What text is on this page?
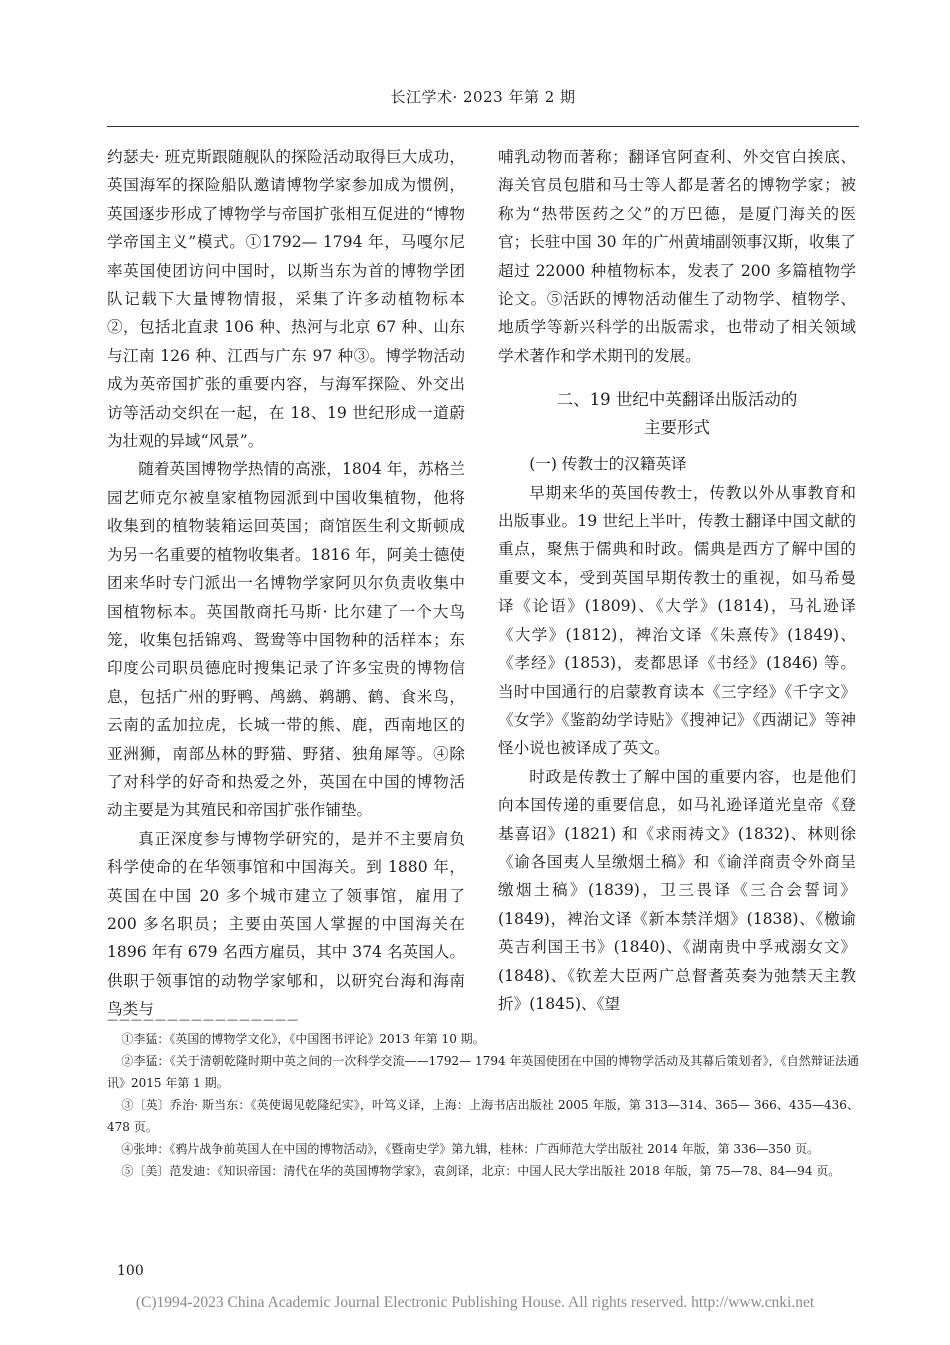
长江学术· 2023 年第 2 期

约瑟夫· 班克斯跟随舰队的探险活动取得巨大成功，英国海军的探险船队邀请博物学家参加成为惯例，英国逐步形成了博物学与帝国扩张相互促进的“博物学帝国主义”模式。①1792— 1794 年，马嘎尔尼率英国使团访问中国时，以斯当东为首的博物学团队记载下大量博物情报，采集了许多动植物标本②，包括北直隶 106 种、热河与北京 67 种、山东与江南 126 种、江西与广东 97 种③。博学物活动成为英帝国扩张的重要内容，与海军探险、外交出访等活动交织在一起，在 18、19 世纪形成一道蔚为壮观的异域“风景”。

随着英国博物学热情的高涨，1804 年，苏格兰园艺师克尔被皇家植物园派到中国收集植物，他将收集到的植物装箱运回英国；商馆医生利文斯顿成为另一名重要的植物收集者。1816 年，阿美士德使团来华时专门派出一名博物学家阿贝尔负责收集中国植物标本。英国散商托马斯· 比尔建了一个大鸟笼，收集包括锦鸡、鸳鸯等中国物种的活样本；东印度公司职员德庇时搜集记录了许多宝贵的博物信息，包括广州的野鸭、鸬鹚、鹈鹕、鹤、食米鸟，云南的孟加拉虎，长城一带的熊、鹿，西南地区的亚洲狮，南部丛林的野猫、野猪、独角犀等。④除了对科学的好奇和热爱之外，英国在中国的博物活动主要是为其殖民和帝国扩张作铺垫。

真正深度参与博物学研究的，是并不主要肩负科学使命的在华领事馆和中国海关。到 1880 年，英国在中国 20 多个城市建立了领事馆，雇用了 200 多名职员；主要由英国人掌握的中国海关在 1896 年有 679 名西方雇员，其中 374 名英国人。供职于领事馆的动物学家郇和，以研究台海和海南鸟类与

哺乳动物而著称；翻译官阿查利、外交官白挨底、海关官员包腊和马士等人都是著名的博物学家；被称为“热带医药之父”的万巴德，是厦门海关的医官；长驻中国 30 年的广州黄埔副领事汉斯，收集了超过 22000 种植物标本，发表了 200 多篇植物学论文。⑤活跃的博物活动催生了动物学、植物学、地质学等新兴科学的出版需求，也带动了相关领域学术著作和学术期刊的发展。

二、19 世纪中英翻译出版活动的
主要形式

(一) 传教士的汉籍英译

早期来华的英国传教士，传教以外从事教育和出版事业。19 世纪上半叶，传教士翻译中国文献的重点，聚焦于儒典和时政。儒典是西方了解中国的重要文本，受到英国早期传教士的重视，如马希曼译《论语》(1809)、《大学》(1814)，马礼逊译《大学》(1812)，裨治文译《朱熹传》(1849)、《孝经》(1853)，麦都思译《书经》(1846) 等。当时中国通行的启蒙教育读本《三字经》《千字文》《女学》《鉴韵幼学诗贴》《搜神记》《西湖记》等神怪小说也被译成了英文。

时政是传教士了解中国的重要内容，也是他们向本国传递的重要信息，如马礼逊译道光皇帝《登基喜诏》(1821) 和《求雨祷文》(1832)、林则徐《谕各国夷人呈缴烟土稿》和《谕洋商责令外商呈缴烟土稿》(1839)，卫三畏译《三合会誓词》(1849)，裨治文译《新本禁洋烟》(1838)、《檄谕英吉利国王书》(1840)、《湖南贵中孚戒溺女文》(1848)、《钦差大臣两广总督耆英奏为弛禁天主教折》(1845)、《望

————————————————

①李猛：《英国的博物学文化》，《中国图书评论》2013 年第 10 期。

②李猛：《关于清朝乾隆时期中英之间的一次科学交流——1792— 1794 年英国使团在中国的博物学活动及其幕后策划者》，《自然辩证法通讯》2015 年第 1 期。

③〔英〕乔治· 斯当东：《英使谒见乾隆纪实》，叶笃义译，上海：上海书店出版社 2005 年版，第 313—314、365— 366、435—436、478 页。

④张坤：《鸦片战争前英国人在中国的博物活动》，《暨南史学》第九辑，桂林：广西师范大学出版社 2014 年版，第 336—350 页。

⑤〔美〕范发迪：《知识帝国：清代在华的英国博物学家》，袁剑译，北京：中国人民大学出版社 2018 年版，第 75—78、84—94 页。

100
(C)1994-2023 China Academic Journal Electronic Publishing House. All rights reserved. http://www.cnki.net
